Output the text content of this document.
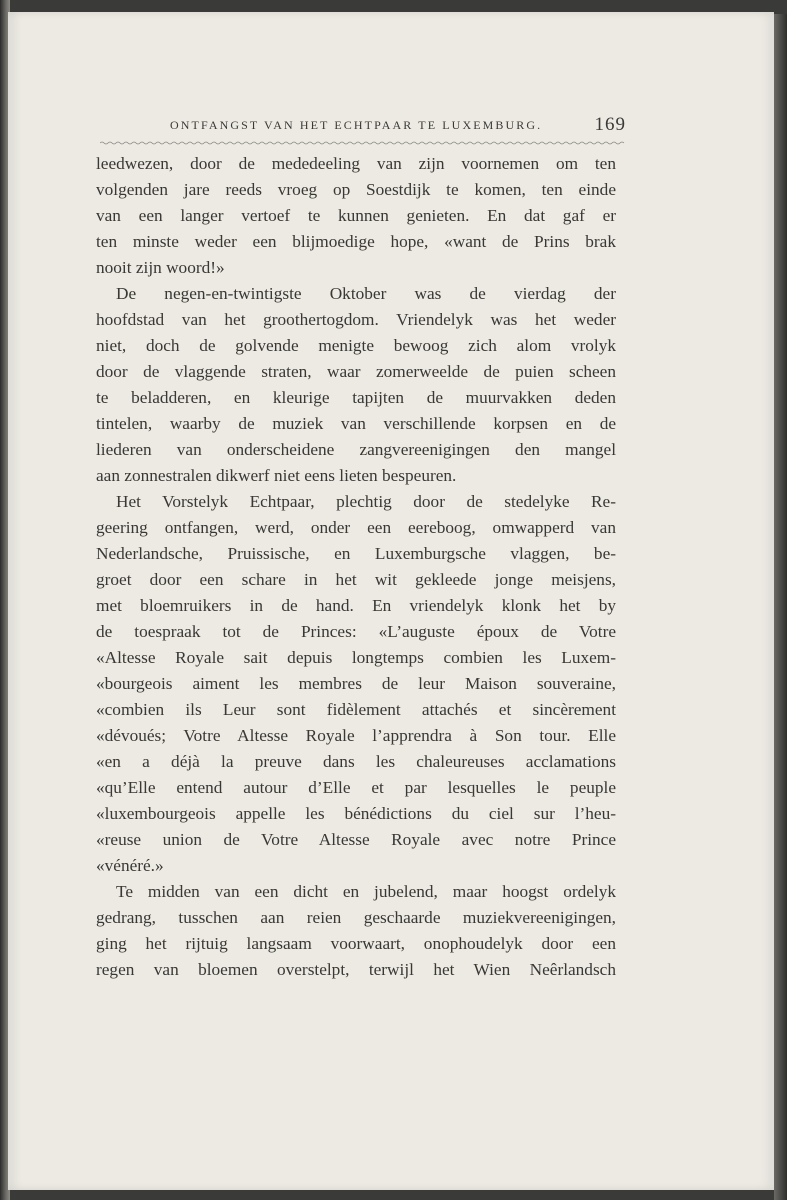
ONTFANGST VAN HET ECHTPAAR TE LUXEMBURG.	169
leedwezen, door de mededeeling van zijn voornemen om ten
volgenden jare reeds vroeg op Soestdijk te komen, ten einde
van een langer vertoef te kunnen genieten. En dat gaf er
ten minste weder een blijmoedige hope, «want de Prins brak
nooit zijn woord!»
De negen-en-twintigste Oktober was de vierdag der
hoofdstad van het groothertogdom. Vriendelyk was het weder
niet, doch de golvende menigte bewoog zich alom vrolyk
door de vlaggende straten, waar zomerweelde de puien scheen
te beladderen, en kleurige tapijten de muurvakken deden
tintelen, waarby de muziek van verschillende korpsen en de
liederen van onderscheidene zangvereenigingen den mangel
aan zonnestralen dikwerf niet eens lieten bespeuren.
Het Vorstelyk Echtpaar, plechtig door de stedelyke Re-
geering ontfangen, werd, onder een eereboog, omwapperd van
Nederlandsche, Pruissische, en Luxemburgsche vlaggen, be-
groet door een schare in het wit gekleede jonge meisjens,
met bloemruikers in de hand. En vriendelyk klonk het by
de toespraak tot de Princes: «L’auguste époux de Votre
«Altesse Royale sait depuis longtemps combien les Luxem-
«bourgeois aiment les membres de leur Maison souveraine,
«combien ils Leur sont fidèlement attachés et sincèrement
«dévoués; Votre Altesse Royale l’apprendra à Son tour. Elle
«en a déjà la preuve dans les chaleureuses acclamations
«qu’Elle entend autour d’Elle et par lesquelles le peuple
«luxembourgeois appelle les bénédictions du ciel sur l’heu-
«reuse union de Votre Altesse Royale avec notre Prince
«vénéré.»
Te midden van een dicht en jubelend, maar hoogst ordelyk
gedrang, tusschen aan reien geschaarde muziekvereenigingen,
ging het rijtuig langsaam voorwaart, onophoudelyk door een
regen van bloemen overstelpt, terwijl het Wien Neêrlandsch
